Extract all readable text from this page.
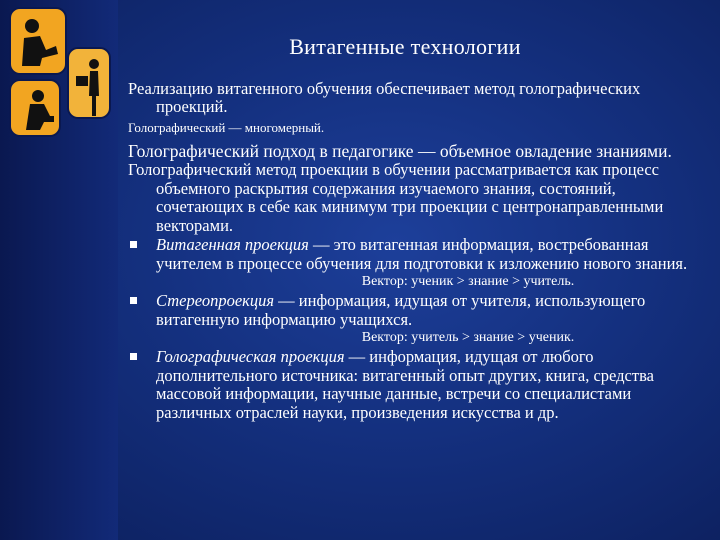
Витагенные технологии

Реализацию витагенного обучения обеспечивает метод голографических проекций.

Голографический — многомерный.

Голографический подход в педагогике — объемное овладение знаниями.

Голографический метод проекции в обучении рассматривается как процесс объемного раскрытия содержания изучаемого знания, состояний, сочетающих в себе как минимум три проекции с центронаправленными векторами.

Витагенная проекция — это витагенная информация, востребованная учителем в процессе обучения для подготовки к изложению нового знания.
Вектор: ученик > знание > учитель.
Стереопроекция — информация, идущая от учителя, использующего витагенную информацию учащихся.
Вектор: учитель > знание > ученик.
Голографическая проекция — информация, идущая от любого дополнительного источника: витагенный опыт других, книга, средства массовой информации, научные данные, встречи со специалистами различных отраслей науки, произведения искусства и др.
